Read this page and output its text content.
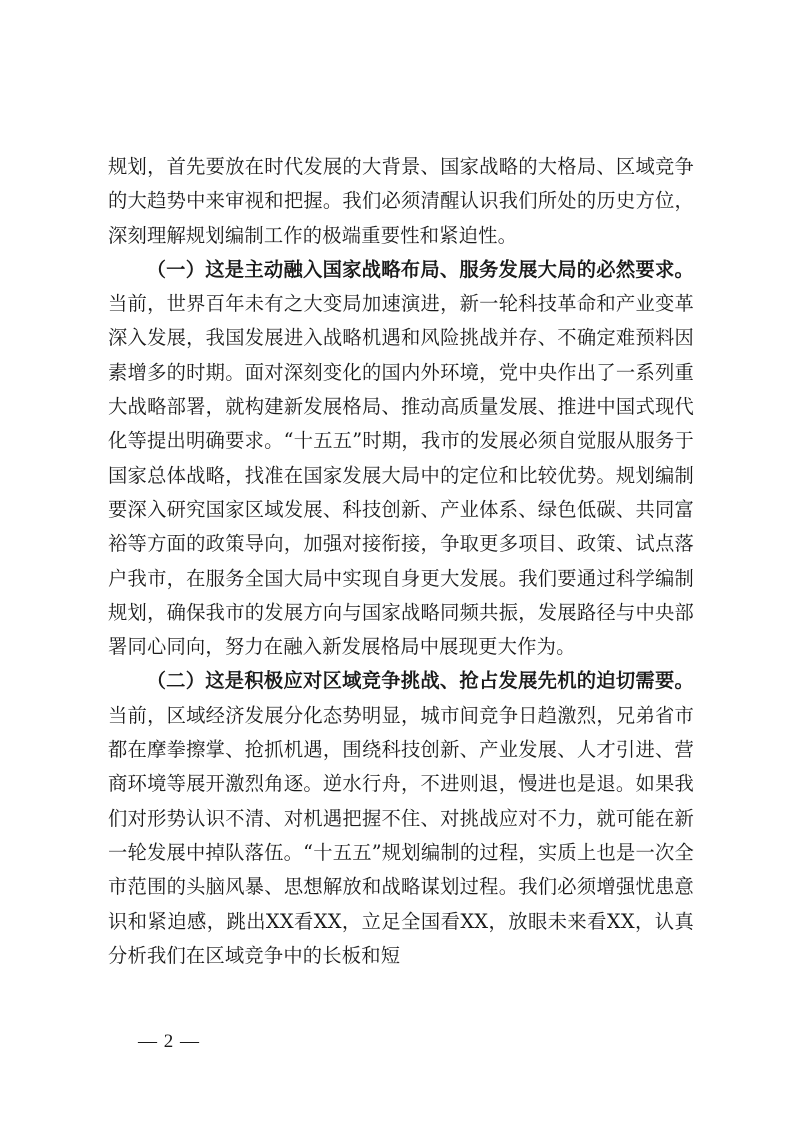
规划，首先要放在时代发展的大背景、国家战略的大格局、区域竞争的大趋势中来审视和把握。我们必须清醒认识我们所处的历史方位，深刻理解规划编制工作的极端重要性和紧迫性。

（一）这是主动融入国家战略布局、服务发展大局的必然要求。当前，世界百年未有之大变局加速演进，新一轮科技革命和产业变革深入发展，我国发展进入战略机遇和风险挑战并存、不确定难预料因素增多的时期。面对深刻变化的国内外环境，党中央作出了一系列重大战略部署，就构建新发展格局、推动高质量发展、推进中国式现代化等提出明确要求。“十五五”时期，我市的发展必须自觉服从服务于国家总体战略，找准在国家发展大局中的定位和比较优势。规划编制要深入研究国家区域发展、科技创新、产业体系、绿色低碳、共同富裕等方面的政策导向，加强对接衔接，争取更多项目、政策、试点落户我市，在服务全国大局中实现自身更大发展。我们要通过科学编制规划，确保我市的发展方向与国家战略同频共振，发展路径与中央部署同心同向，努力在融入新发展格局中展现更大作为。

（二）这是积极应对区域竞争挑战、抢占发展先机的迫切需要。当前，区域经济发展分化态势明显，城市间竞争日趋激烈，兄弟省市都在摩拳擦掌、抢抓机遇，围绕科技创新、产业发展、人才引进、营商环境等展开激烈角逐。逆水行舟，不进则退，慢进也是退。如果我们对形势认识不清、对机遇把握不住、对挑战应对不力，就可能在新一轮发展中掉队落伍。“十五五”规划编制的过程，实质上也是一次全市范围的头脑风暴、思想解放和战略谋划过程。我们必须增强忧患意识和紧迫感，跳出XX看XX，立足全国看XX，放眼未来看XX，认真分析我们在区域竞争中的长板和短

— 2 —
